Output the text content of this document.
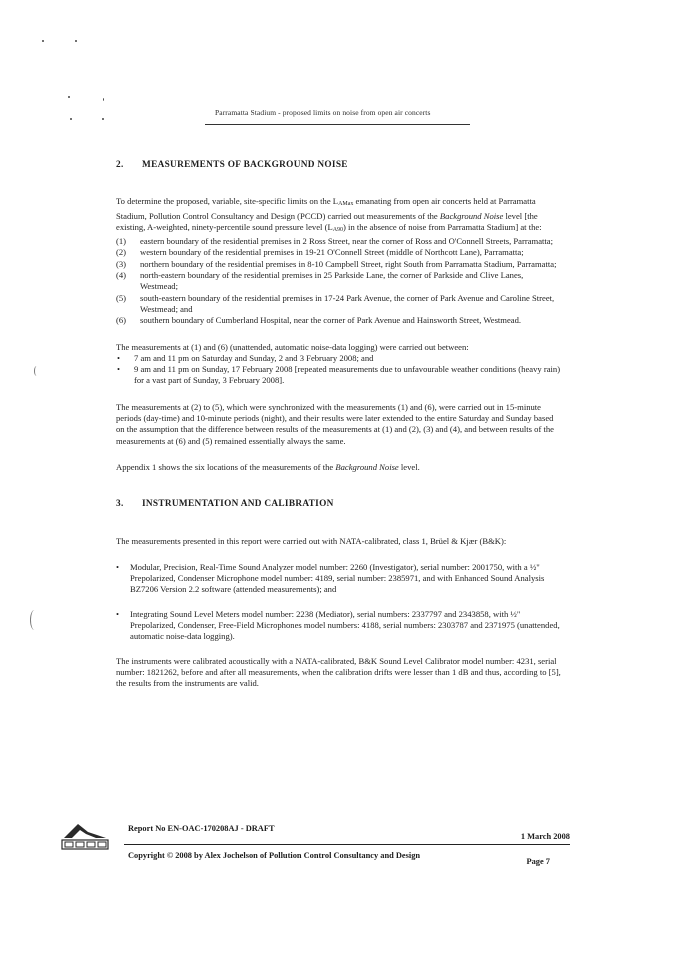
Parramatta Stadium - proposed limits on noise from open air concerts
2.	MEASUREMENTS OF BACKGROUND NOISE

To determine the proposed, variable, site-specific limits on the LAMax emanating from open air concerts held at Parramatta Stadium, Pollution Control Consultancy and Design (PCCD) carried out measurements of the Background Noise level [the existing, A-weighted, ninety-percentile sound pressure level (LA90) in the absence of noise from Parramatta Stadium] at the:

(1)	eastern boundary of the residential premises in 2 Ross Street, near the corner of Ross and O'Connell Streets, Parramatta;
(2)	western boundary of the residential premises in 19-21 O'Connell Street (middle of Northcott Lane), Parramatta;
(3)	northern boundary of the residential premises in 8-10 Campbell Street, right South from Parramatta Stadium, Parramatta;
(4)	north-eastern boundary of the residential premises in 25 Parkside Lane, the corner of Parkside and Clive Lanes, Westmead;
(5)	south-eastern boundary of the residential premises in 17-24 Park Avenue, the corner of Park Avenue and Caroline Street, Westmead; and
(6)	southern boundary of Cumberland Hospital, near the corner of Park Avenue and Hainsworth Street, Westmead.

The measurements at (1) and (6) (unattended, automatic noise-data logging) were carried out between:

•	7 am and 11 pm on Saturday and Sunday, 2 and 3 February 2008; and
•	9 am and 11 pm on Sunday, 17 February 2008 [repeated measurements due to unfavourable weather conditions (heavy rain) for a vast part of Sunday, 3 February 2008].

The measurements at (2) to (5), which were synchronized with the measurements (1) and (6), were carried out in 15-minute periods (day-time) and 10-minute periods (night), and their results were later extended to the entire Saturday and Sunday based on the assumption that the difference between results of the measurements at (1) and (2), (3) and (4), and between results of the measurements at (6) and (5) remained essentially always the same.

Appendix 1 shows the six locations of the measurements of the Background Noise level.

3.	INSTRUMENTATION AND CALIBRATION

The measurements presented in this report were carried out with NATA-calibrated, class 1, Brüel & Kjær (B&K):

•	Modular, Precision, Real-Time Sound Analyzer model number: 2260 (Investigator), serial number: 2001750, with a ½" Prepolarized, Condenser Microphone model number: 4189, serial number: 2385971, and with Enhanced Sound Analysis BZ7206 Version 2.2 software (attended measurements); and
•	Integrating Sound Level Meters model number: 2238 (Mediator), serial numbers: 2337797 and 2343858, with ½" Prepolarized, Condenser, Free-Field Microphones model numbers: 4188, serial numbers: 2303787 and 2371975 (unattended, automatic noise-data logging).

The instruments were calibrated acoustically with a NATA-calibrated, B&K Sound Level Calibrator model number: 4231, serial number: 1821262, before and after all measurements, when the calibration drifts were lesser than 1 dB and thus, according to [5], the results from the instruments are valid.

Report No EN-OAC-170208AJ - DRAFT
1 March 2008
Copyright © 2008 by Alex Jochelson of Pollution Control Consultancy and Design
Page 7
